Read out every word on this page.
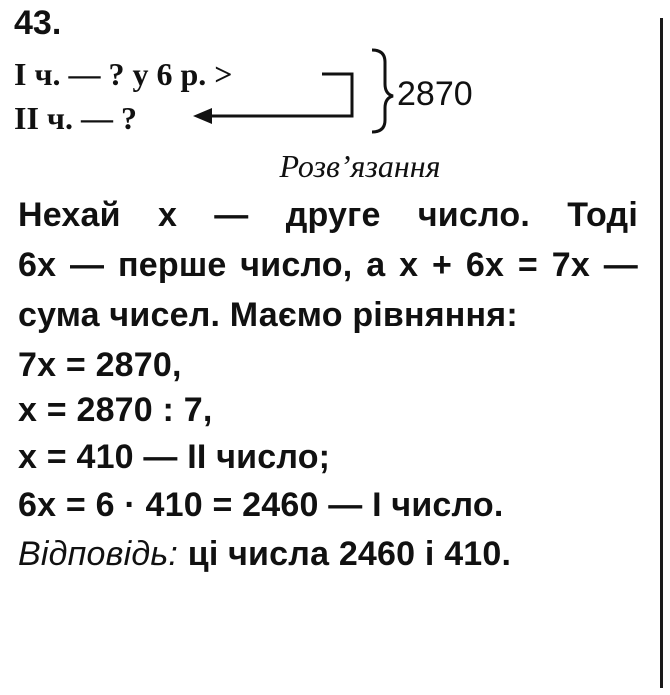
43.
I ч. — ? у 6 р. >
II ч. — ?
2870
Розв’язання
Нехай x — друге число. Тоді
6x — перше число, а x + 6x = 7x —
сума чисел. Маємо рівняння:
7x = 2870,
x = 2870 : 7,
x = 410 — II число;
6x = 6 · 410 = 2460 — I число.
Відповідь: ці числа 2460 і 410.
